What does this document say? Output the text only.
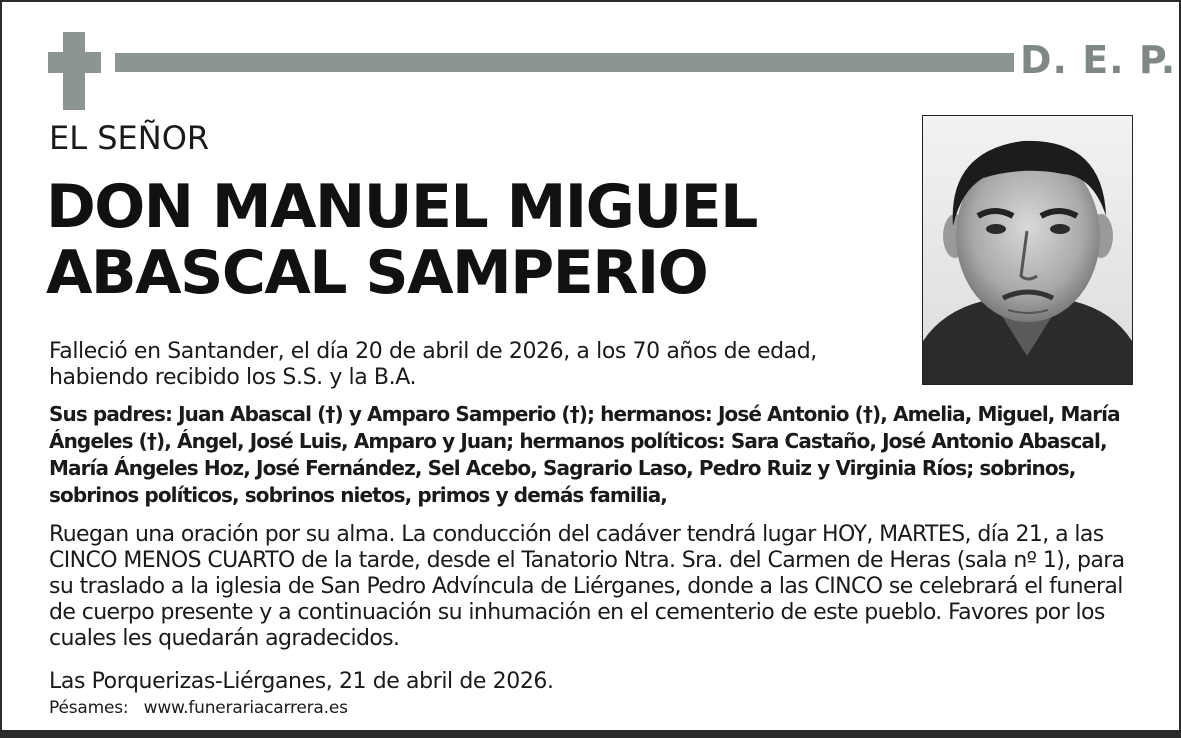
D. E. P.
EL SEÑOR
DON MANUEL MIGUEL
ABASCAL SAMPERIO
Falleció en Santander, el día 20 de abril de 2026, a los 70 años de edad, habiendo recibido los S.S. y la B.A.
Sus padres: Juan Abascal (†) y Amparo Samperio (†); hermanos: José Antonio (†), Amelia, Miguel, María Ángeles (†), Ángel, José Luis, Amparo y Juan; hermanos políticos: Sara Castaño, José Antonio Abascal, María Ángeles Hoz, José Fernández, Sel Acebo, Sagrario Laso, Pedro Ruiz y Virginia Ríos; sobrinos, sobrinos políticos, sobrinos nietos, primos y demás familia,
Ruegan una oración por su alma. La conducción del cadáver tendrá lugar HOY, MARTES, día 21, a las CINCO MENOS CUARTO de la tarde, desde el Tanatorio Ntra. Sra. del Carmen de Heras (sala nº 1), para su traslado a la iglesia de San Pedro Advíncula de Liérganes, donde a las CINCO se celebrará el funeral de cuerpo presente y a continuación su inhumación en el cementerio de este pueblo. Favores por los cuales les quedarán agradecidos.
Las Porquerizas-Liérganes, 21 de abril de 2026.
Pésames: www.funerariacarrera.es
